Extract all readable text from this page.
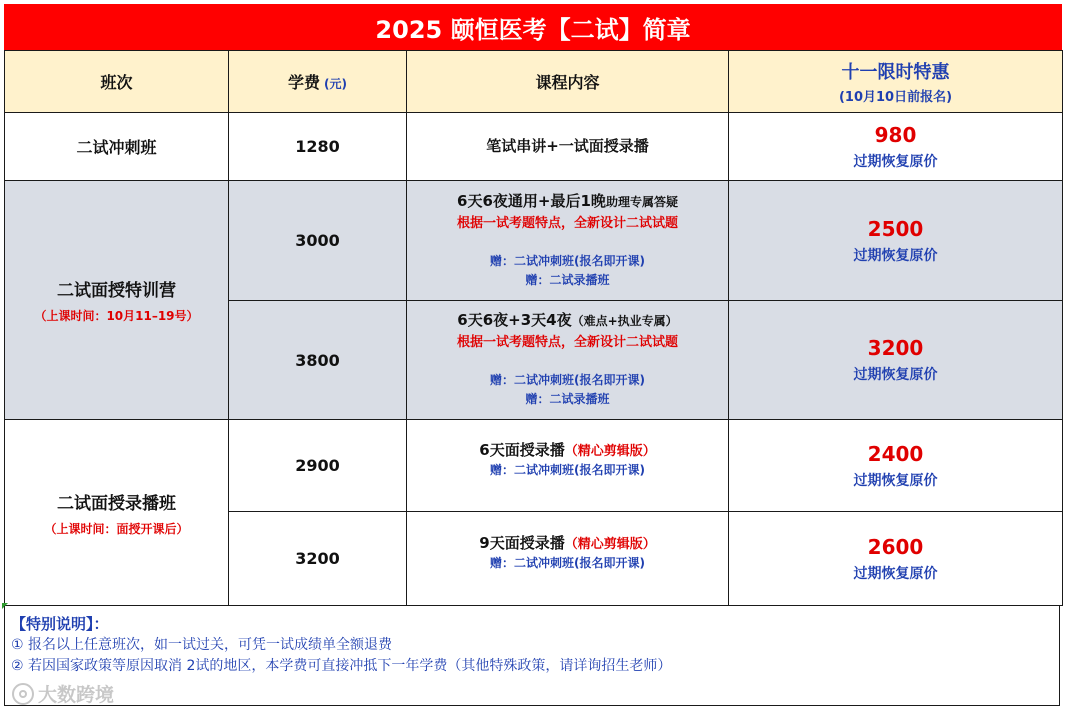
2025 颐恒医考【二试】简章
班次	学费 (元)	课程内容	十一限时特惠
(10月10日前报名)

二试冲刺班	1280	笔试串讲+一试面授录播	980
过期恢复原价

二试面授特训营
（上课时间：10月11–19号）	3000	6天6夜通用+最后1晚助理专属答疑
根据一试考题特点，全新设计二试试题
赠：二试冲刺班(报名即开课)
赠：二试录播班	2500
过期恢复原价

	3800	6天6夜+3天4夜（难点+执业专属）
根据一试考题特点，全新设计二试试题
赠：二试冲刺班(报名即开课)
赠：二试录播班	3200
过期恢复原价

二试面授录播班
（上课时间：面授开课后）	2900	6天面授录播（精心剪辑版）
赠：二试冲刺班(报名即开课)	2400
过期恢复原价

	3200	9天面授录播（精心剪辑版）
赠：二试冲刺班(报名即开课)	2600
过期恢复原价
【特别说明】：
① 报名以上任意班次，如一试过关，可凭一试成绩单全额退费
② 若因国家政策等原因取消 2试的地区，本学费可直接冲抵下一年学费（其他特殊政策，请详询招生老师）
大数跨境
